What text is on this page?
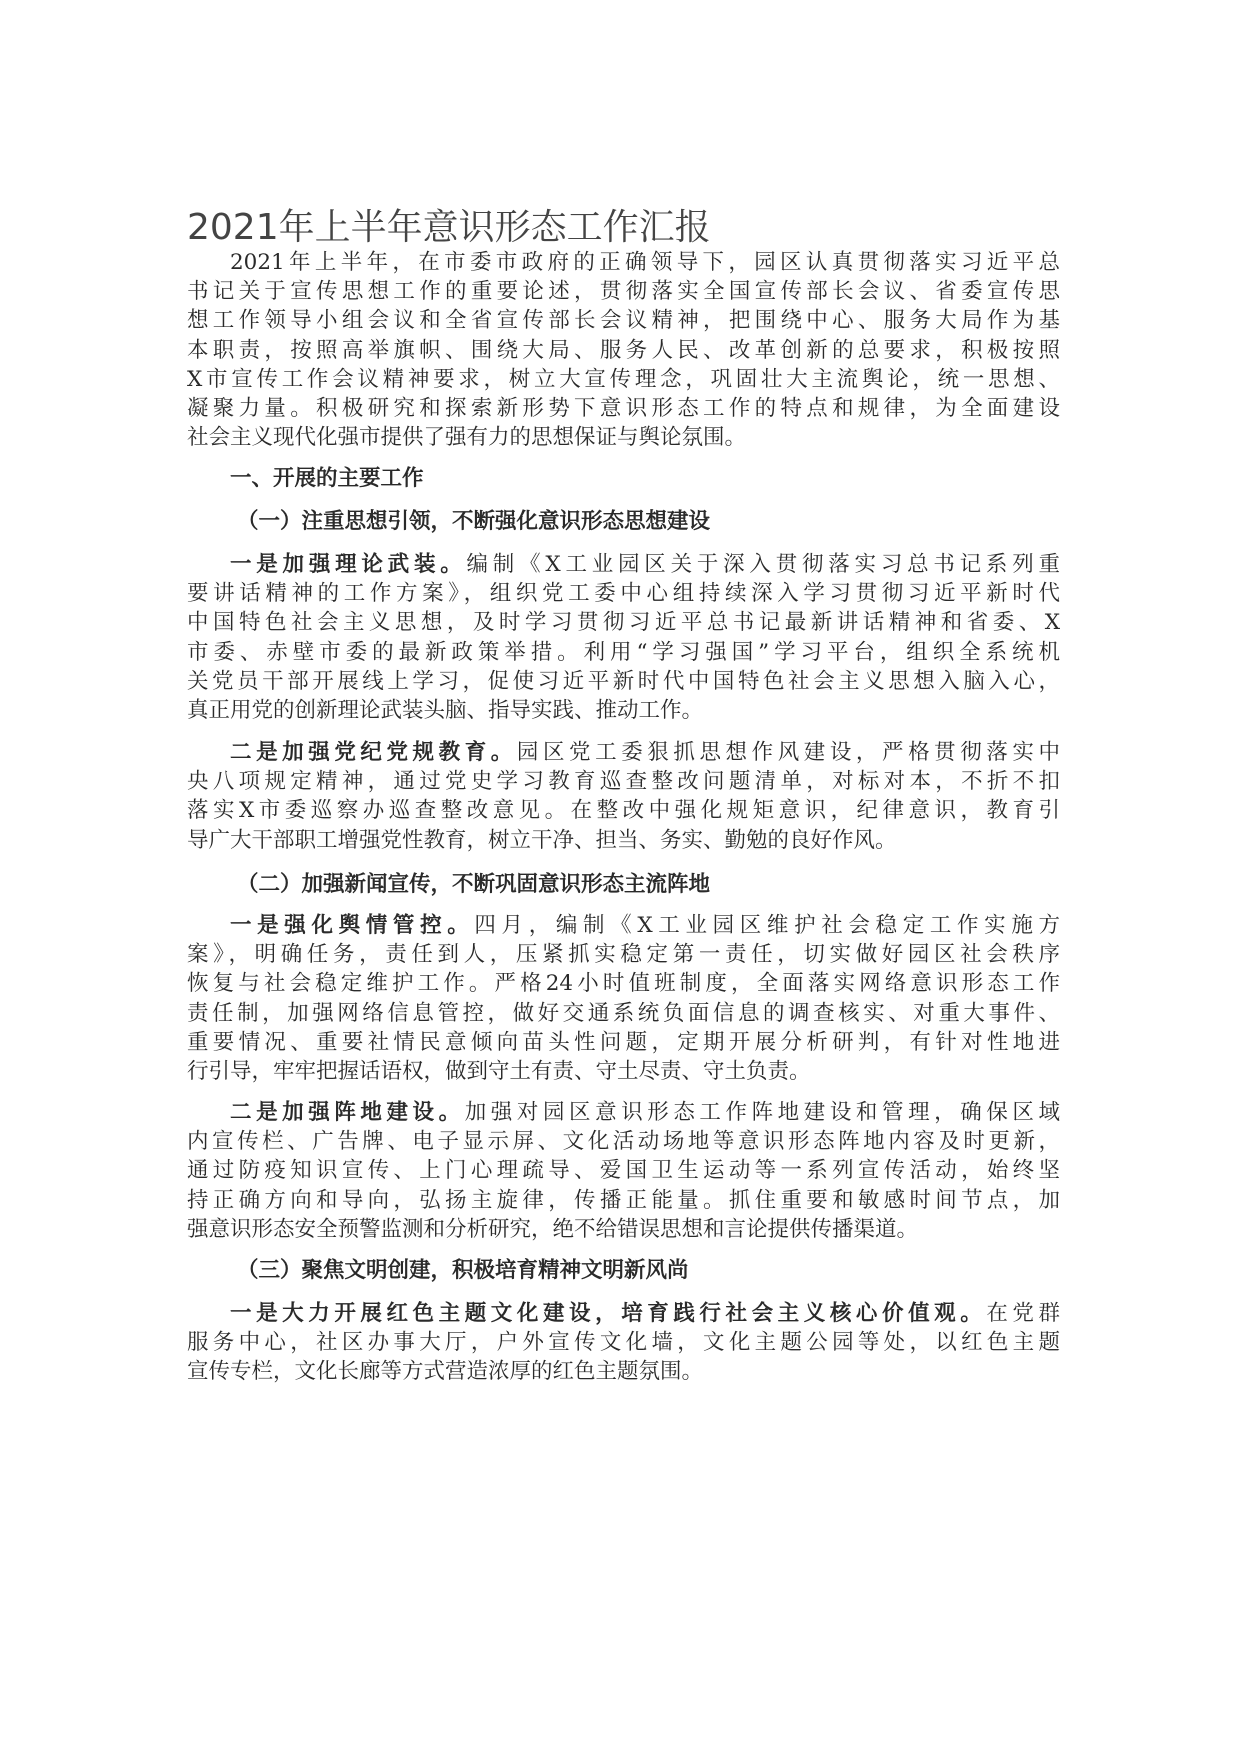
2021年上半年意识形态工作汇报
2021年上半年，在市委市政府的正确领导下，园区认真贯彻落实习近平总
书记关于宣传思想工作的重要论述，贯彻落实全国宣传部长会议、省委宣传思
想工作领导小组会议和全省宣传部长会议精神，把围绕中心、服务大局作为基
本职责，按照高举旗帜、围绕大局、服务人民、改革创新的总要求，积极按照
X市宣传工作会议精神要求，树立大宣传理念，巩固壮大主流舆论，统一思想、
凝聚力量。积极研究和探索新形势下意识形态工作的特点和规律，为全面建设
社会主义现代化强市提供了强有力的思想保证与舆论氛围。
一、开展的主要工作
（一）注重思想引领，不断强化意识形态思想建设
一是加强理论武装。编制《X工业园区关于深入贯彻落实习总书记系列重
要讲话精神的工作方案》，组织党工委中心组持续深入学习贯彻习近平新时代
中国特色社会主义思想，及时学习贯彻习近平总书记最新讲话精神和省委、X
市委、赤壁市委的最新政策举措。利用“学习强国”学习平台，组织全系统机
关党员干部开展线上学习，促使习近平新时代中国特色社会主义思想入脑入心，
真正用党的创新理论武装头脑、指导实践、推动工作。
二是加强党纪党规教育。园区党工委狠抓思想作风建设，严格贯彻落实中
央八项规定精神，通过党史学习教育巡查整改问题清单，对标对本，不折不扣
落实X市委巡察办巡查整改意见。在整改中强化规矩意识，纪律意识，教育引
导广大干部职工增强党性教育，树立干净、担当、务实、勤勉的良好作风。
（二）加强新闻宣传，不断巩固意识形态主流阵地
一是强化舆情管控。四月，编制《X工业园区维护社会稳定工作实施方
案》，明确任务，责任到人，压紧抓实稳定第一责任，切实做好园区社会秩序
恢复与社会稳定维护工作。严格24小时值班制度，全面落实网络意识形态工作
责任制，加强网络信息管控，做好交通系统负面信息的调查核实、对重大事件、
重要情况、重要社情民意倾向苗头性问题，定期开展分析研判，有针对性地进
行引导，牢牢把握话语权，做到守土有责、守土尽责、守土负责。
二是加强阵地建设。加强对园区意识形态工作阵地建设和管理，确保区域
内宣传栏、广告牌、电子显示屏、文化活动场地等意识形态阵地内容及时更新，
通过防疫知识宣传、上门心理疏导、爱国卫生运动等一系列宣传活动，始终坚
持正确方向和导向，弘扬主旋律，传播正能量。抓住重要和敏感时间节点，加
强意识形态安全预警监测和分析研究，绝不给错误思想和言论提供传播渠道。
（三）聚焦文明创建，积极培育精神文明新风尚
一是大力开展红色主题文化建设，培育践行社会主义核心价值观。在党群
服务中心，社区办事大厅，户外宣传文化墙，文化主题公园等处，以红色主题
宣传专栏，文化长廊等方式营造浓厚的红色主题氛围。
